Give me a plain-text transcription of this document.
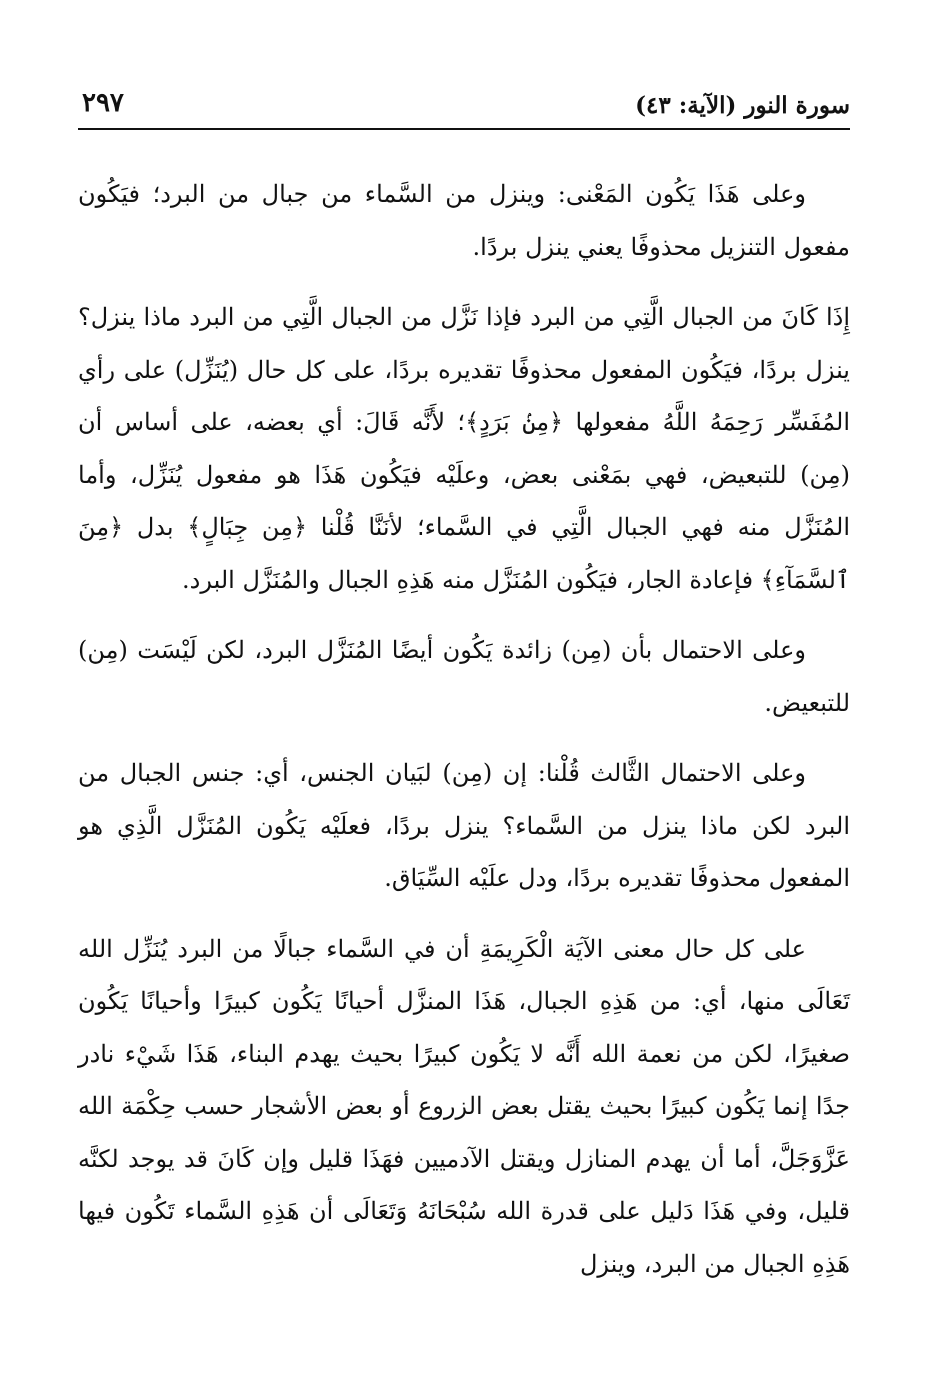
سورة النور (الآية: ٤٣)
٢٩٧

وعلى هَذَا يَكُون المَعْنى: وينزل من السَّماء من جبال من البرد؛ فيَكُون مفعول التنزيل محذوفًا يعني ينزل بردًا.

إِذَا كَانَ من الجبال الَّتِي من البرد فإذا نَزَّل من الجبال الَّتِي من البرد ماذا ينزل؟ ينزل بردًا، فيَكُون المفعول محذوفًا تقديره بردًا، على كل حال (يُنَزِّل) على رأي المُفَسِّر رَحِمَهُ اللَّهُ مفعولها ﴿مِنۢ بَرَدٍ﴾؛ لأَنَّه قَالَ: أي بعضه، على أساس أن (مِن) للتبعيض، فهي بمَعْنى بعض، وعلَيْه فيَكُون هَذَا هو مفعول يُنَزِّل، وأما المُنَزَّل منه فهي الجبال الَّتِي في السَّماء؛ لأنَنَّا قُلْنا ﴿مِن جِبَالٍ﴾ بدل ﴿مِنَ ٱلسَّمَآءِ﴾ فإعادة الجار، فيَكُون المُنَزَّل منه هَذِهِ الجبال والمُنَزَّل البرد.

وعلى الاحتمال بأن (مِن) زائدة يَكُون أيضًا المُنَزَّل البرد، لكن لَيْسَت (مِن) للتبعيض.

وعلى الاحتمال الثَّالث قُلْنا: إن (مِن) لبَيان الجنس، أي: جنس الجبال من البرد لكن ماذا ينزل من السَّماء؟ ينزل بردًا، فعلَيْه يَكُون المُنَزَّل الَّذِي هو المفعول محذوفًا تقديره بردًا، ودل علَيْه السِّيَاق.

على كل حال معنى الآيَة الْكَرِيمَةِ أن في السَّماء جبالًا من البرد يُنَزِّل الله تَعَالَى منها، أي: من هَذِهِ الجبال، هَذَا المنزَّل أحيانًا يَكُون كبيرًا وأحيانًا يَكُون صغيرًا، لكن من نعمة الله أَنَّه لا يَكُون كبيرًا بحيث يهدم البناء، هَذَا شَيْء نادر جدًا إنما يَكُون كبيرًا بحيث يقتل بعض الزروع أو بعض الأشجار حسب حِكْمَة الله عَزَّوَجَلَّ، أما أن يهدم المنازل ويقتل الآدميين فهَذَا قليل وإن كَانَ قد يوجد لكنَّه قليل، وفي هَذَا دَليل على قدرة الله سُبْحَانَهُ وَتَعَالَى أن هَذِهِ السَّماء تَكُون فيها هَذِهِ الجبال من البرد، وينزل
